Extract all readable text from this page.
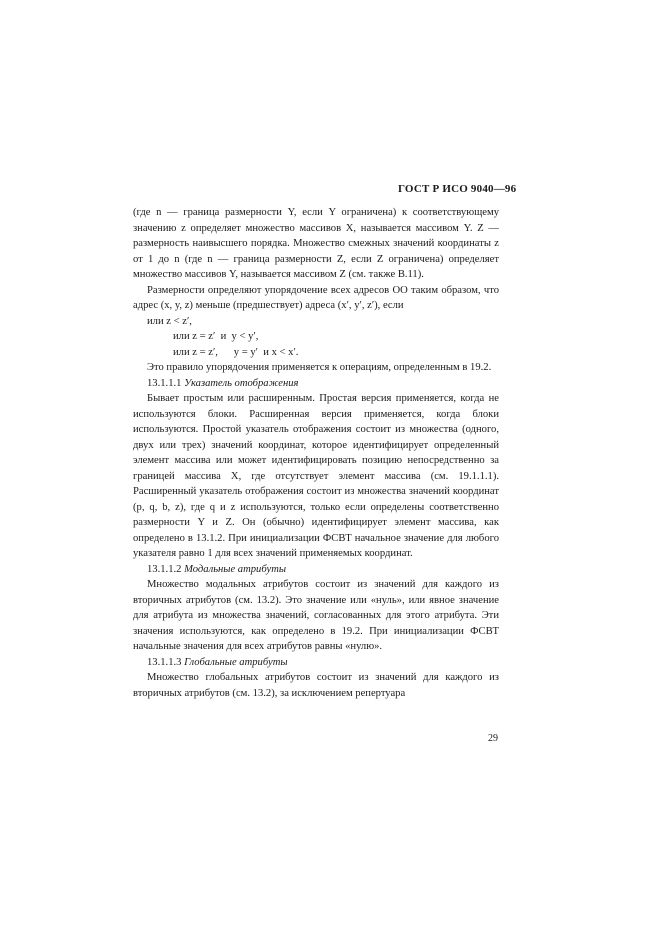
ГОСТ Р ИСО 9040—96

(где n — граница размерности Y, если Y ограничена) к соответствующему значению z определяет множество массивов X, называется массивом Y. Z — размерность наивысшего порядка. Множество смежных значений координаты z от 1 до n (где n — граница размерности Z, если Z ограничена) определяет множество массивов Y, называется массивом Z (см. также В.11).

Размерности определяют упорядочение всех адресов ОО таким образом, что адрес (x, y, z) меньше (предшествует) адреса (x′, y′, z′), если

или z < z′,

или z = z′  и  y < y′,

или z = z′,      y = y′  и x < x′.

Это правило упорядочения применяется к операциям, определенным в 19.2.

13.1.1.1 Указатель отображения

Бывает простым или расширенным. Простая версия применяется, когда не используются блоки. Расширенная версия применяется, когда блоки используются. Простой указатель отображения состоит из множества (одного, двух или трех) значений координат, которое идентифицирует определенный элемент массива или может идентифицировать позицию непосредственно за границей массива X, где отсутствует элемент массива (см. 19.1.1.1). Расширенный указатель отображения состоит из множества значений координат (p, q, b, z), где q и z используются, только если определены соответственно размерности Y и Z. Он (обычно) идентифицирует элемент массива, как определено в 13.1.2. При инициализации ФСВТ начальное значение для любого указателя равно 1 для всех значений применяемых координат.

13.1.1.2 Модальные атрибуты

Множество модальных атрибутов состоит из значений для каждого из вторичных атрибутов (см. 13.2). Это значение или «нуль», или явное значение для атрибута из множества значений, согласованных для этого атрибута. Эти значения используются, как определено в 19.2. При инициализации ФСВТ начальные значения для всех атрибутов равны «нулю».

13.1.1.3 Глобальные атрибуты

Множество глобальных атрибутов состоит из значений для каждого из вторичных атрибутов (см. 13.2), за исключением репертуара

29
